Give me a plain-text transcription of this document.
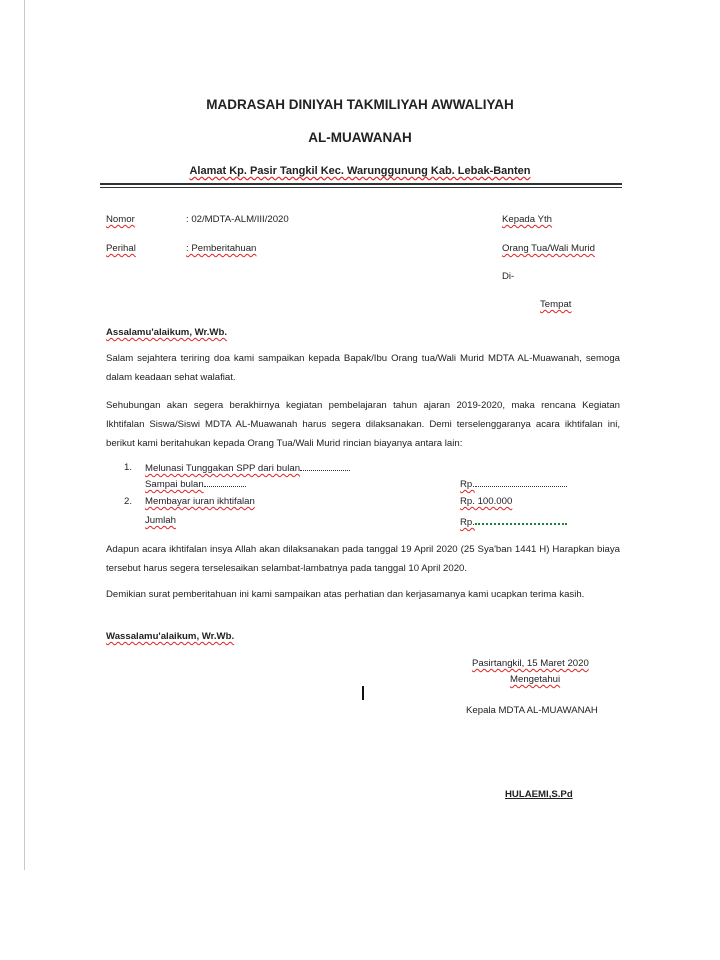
MADRASAH DINIYAH TAKMILIYAH AWWALIYAH
AL-MUAWANAH
Alamat Kp. Pasir Tangkil Kec. Warunggunung Kab. Lebak-Banten
Nomor	: 02/MDTA-ALM/III/2020
Perihal	: Pemberitahuan
Kepada Yth
Orang Tua/Wali Murid
Di-
Tempat
Assalamu'alaikum, Wr.Wb.
Salam sejahtera teriring doa kami sampaikan kepada Bapak/Ibu Orang tua/Wali Murid MDTA AL-Muawanah, semoga dalam keadaan sehat walafiat.
Sehubungan akan segera berakhirnya kegiatan pembelajaran tahun ajaran 2019-2020, maka rencana Kegiatan Ikhtifalan Siswa/Siswi MDTA AL-Muawanah harus segera dilaksanakan. Demi terselenggaranya acara ikhtifalan ini, berikut kami beritahukan kepada Orang Tua/Wali Murid rincian biayanya antara lain:
1. Melunasi Tunggakan SPP dari bulan
Sampai bulan	Rp.
2. Membayar iuran ikhtifalan	Rp. 100.000
Jumlah	Rp.
Adapun acara ikhtifalan insya Allah akan dilaksanakan pada tanggal 19 April 2020 (25 Sya'ban 1441 H) Harapkan biaya tersebut harus segera terselesaikan selambat-lambatnya pada tanggal 10 April 2020.
Demikian surat pemberitahuan ini kami sampaikan atas perhatian dan kerjasamanya kami ucapkan terima kasih.
Wassalamu'alaikum, Wr.Wb.
Pasirtangkil, 15 Maret 2020
Mengetahui
Kepala MDTA AL-MUAWANAH
HULAEMI,S.Pd
